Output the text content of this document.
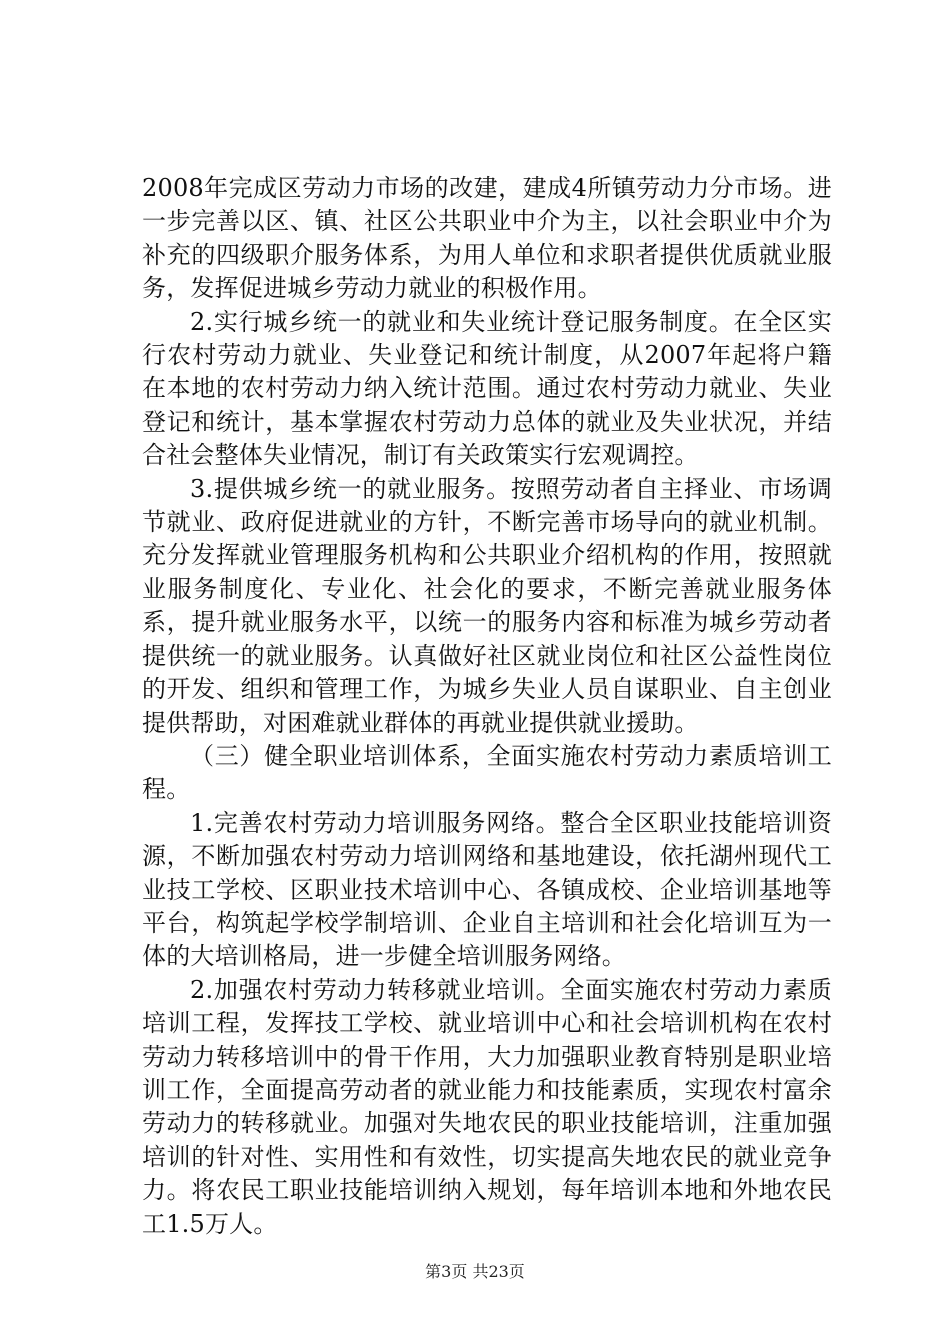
2008年完成区劳动力市场的改建，建成4所镇劳动力分市场。进一步完善以区、镇、社区公共职业中介为主，以社会职业中介为补充的四级职介服务体系，为用人单位和求职者提供优质就业服务，发挥促进城乡劳动力就业的积极作用。

2.实行城乡统一的就业和失业统计登记服务制度。在全区实行农村劳动力就业、失业登记和统计制度，从2007年起将户籍在本地的农村劳动力纳入统计范围。通过农村劳动力就业、失业登记和统计，基本掌握农村劳动力总体的就业及失业状况，并结合社会整体失业情况，制订有关政策实行宏观调控。

3.提供城乡统一的就业服务。按照劳动者自主择业、市场调节就业、政府促进就业的方针，不断完善市场导向的就业机制。充分发挥就业管理服务机构和公共职业介绍机构的作用，按照就业服务制度化、专业化、社会化的要求，不断完善就业服务体系，提升就业服务水平，以统一的服务内容和标准为城乡劳动者提供统一的就业服务。认真做好社区就业岗位和社区公益性岗位的开发、组织和管理工作，为城乡失业人员自谋职业、自主创业提供帮助，对困难就业群体的再就业提供就业援助。

（三）健全职业培训体系，全面实施农村劳动力素质培训工程。

1.完善农村劳动力培训服务网络。整合全区职业技能培训资源，不断加强农村劳动力培训网络和基地建设，依托湖州现代工业技工学校、区职业技术培训中心、各镇成校、企业培训基地等平台，构筑起学校学制培训、企业自主培训和社会化培训互为一体的大培训格局，进一步健全培训服务网络。

2.加强农村劳动力转移就业培训。全面实施农村劳动力素质培训工程，发挥技工学校、就业培训中心和社会培训机构在农村劳动力转移培训中的骨干作用，大力加强职业教育特别是职业培训工作，全面提高劳动者的就业能力和技能素质，实现农村富余劳动力的转移就业。加强对失地农民的职业技能培训，注重加强培训的针对性、实用性和有效性，切实提高失地农民的就业竞争力。将农民工职业技能培训纳入规划，每年培训本地和外地农民工1.5万人。

第3页 共23页
